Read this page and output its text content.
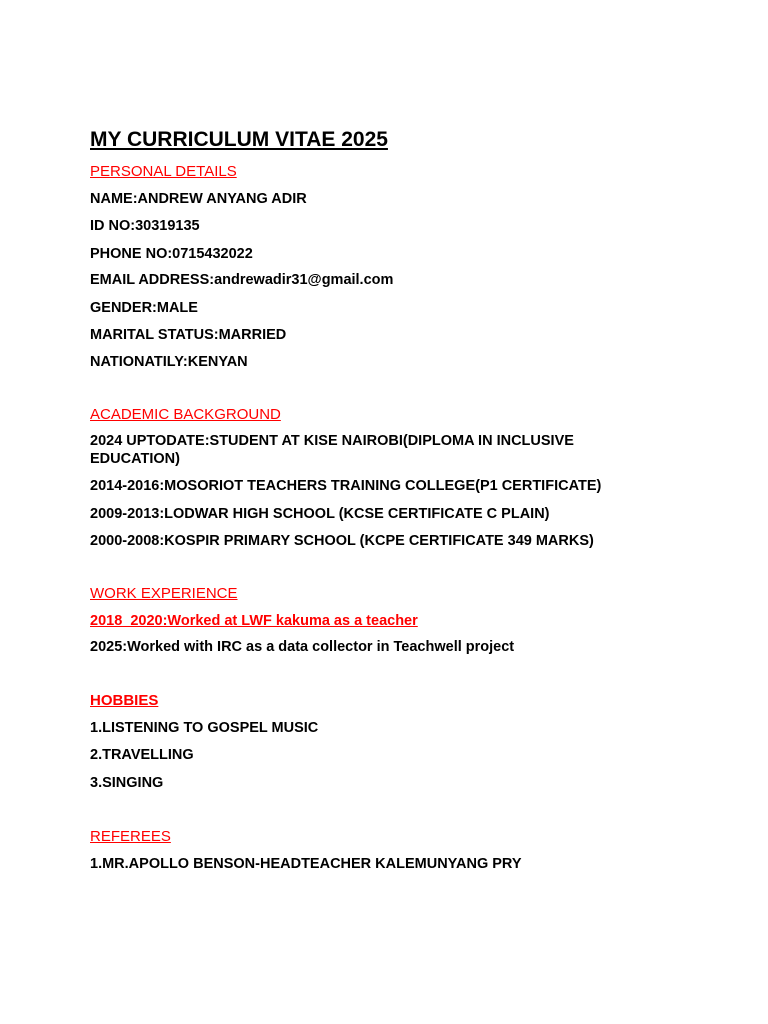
MY CURRICULUM VITAE 2025
PERSONAL DETAILS
NAME:ANDREW ANYANG ADIR
ID NO:30319135
PHONE NO:0715432022
EMAIL ADDRESS:andrewadir31@gmail.com
GENDER:MALE
MARITAL STATUS:MARRIED
NATIONATILY:KENYAN
ACADEMIC BACKGROUND
2024 UPTODATE:STUDENT AT KISE NAIROBI(DIPLOMA IN INCLUSIVE EDUCATION)
2014-2016:MOSORIOT TEACHERS TRAINING COLLEGE(P1 CERTIFICATE)
2009-2013:LODWAR HIGH SCHOOL (KCSE CERTIFICATE C PLAIN)
2000-2008:KOSPIR PRIMARY SCHOOL (KCPE CERTIFICATE 349 MARKS)
WORK EXPERIENCE
2018_2020:Worked at LWF kakuma as a teacher
2025:Worked with IRC as a data collector in Teachwell project
HOBBIES
1.LISTENING TO GOSPEL MUSIC
2.TRAVELLING
3.SINGING
REFEREES
1.MR.APOLLO BENSON-HEADTEACHER KALEMUNYANG PRY
